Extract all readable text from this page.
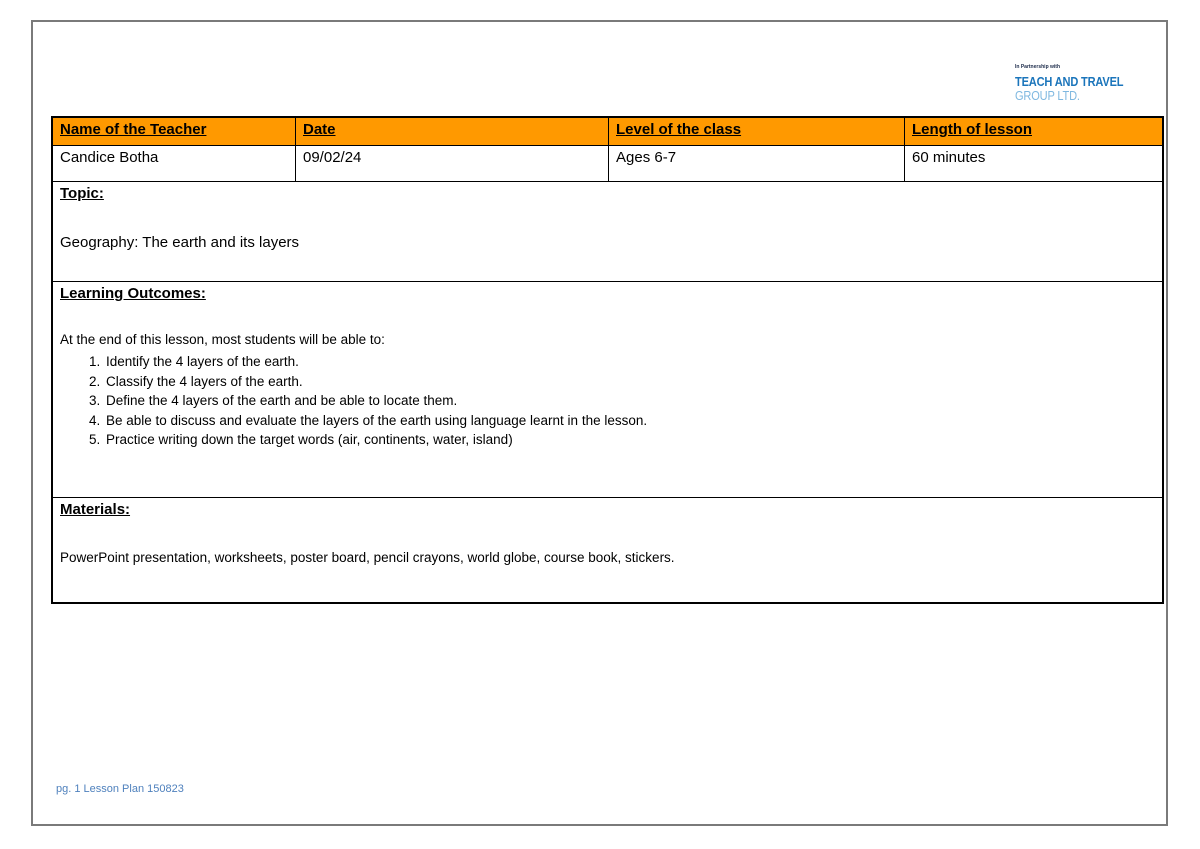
In Partnership with
TEACH AND TRAVEL
GROUP LTD.
Name of the Teacher	Date	Level of the class	Length of lesson
Candice Botha	09/02/24	Ages 6-7	60 minutes
Topic:
Geography: The earth and its layers
Learning Outcomes:
At the end of this lesson, most students will be able to:
1. Identify the 4 layers of the earth.
2. Classify the 4 layers of the earth.
3. Define the 4 layers of the earth and be able to locate them.
4. Be able to discuss and evaluate the layers of the earth using language learnt in the lesson.
5. Practice writing down the target words (air, continents, water, island)
Materials:
PowerPoint presentation, worksheets, poster board, pencil crayons, world globe, course book, stickers.
pg. 1 Lesson Plan 150823
